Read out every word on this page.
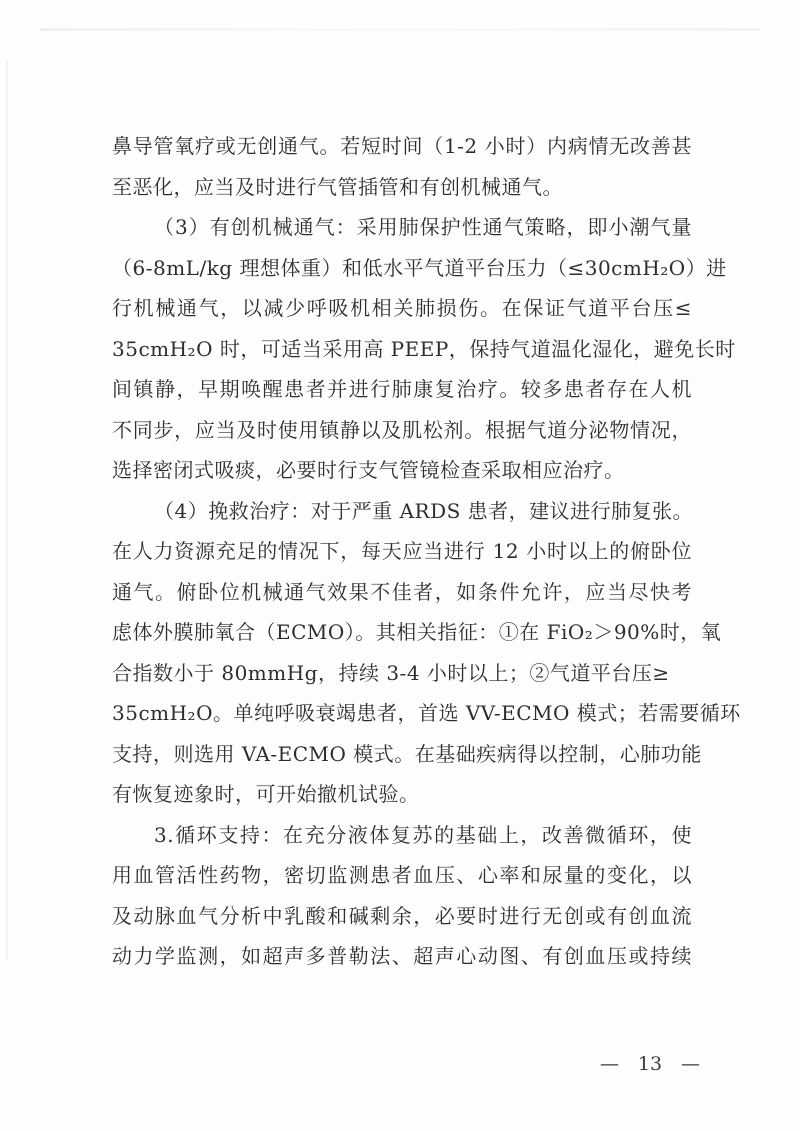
鼻导管氧疗或无创通气。若短时间（1-2 小时）内病情无改善甚
至恶化，应当及时进行气管插管和有创机械通气。
（3）有创机械通气：采用肺保护性通气策略，即小潮气量
（6-8mL/kg 理想体重）和低水平气道平台压力（≤30cmH₂O）进
行机械通气，以减少呼吸机相关肺损伤。在保证气道平台压≤
35cmH₂O 时，可适当采用高 PEEP，保持气道温化湿化，避免长时
间镇静，早期唤醒患者并进行肺康复治疗。较多患者存在人机
不同步，应当及时使用镇静以及肌松剂。根据气道分泌物情况，
选择密闭式吸痰，必要时行支气管镜检查采取相应治疗。
（4）挽救治疗：对于严重 ARDS 患者，建议进行肺复张。
在人力资源充足的情况下，每天应当进行 12 小时以上的俯卧位
通气。俯卧位机械通气效果不佳者，如条件允许，应当尽快考
虑体外膜肺氧合（ECMO）。其相关指征：①在 FiO₂＞90%时，氧
合指数小于 80mmHg，持续 3-4 小时以上；②气道平台压≥
35cmH₂O。单纯呼吸衰竭患者，首选 VV-ECMO 模式；若需要循环
支持，则选用 VA-ECMO 模式。在基础疾病得以控制，心肺功能
有恢复迹象时，可开始撤机试验。
3.循环支持：在充分液体复苏的基础上，改善微循环，使
用血管活性药物，密切监测患者血压、心率和尿量的变化，以
及动脉血气分析中乳酸和碱剩余，必要时进行无创或有创血流
动力学监测，如超声多普勒法、超声心动图、有创血压或持续
— 13 —
